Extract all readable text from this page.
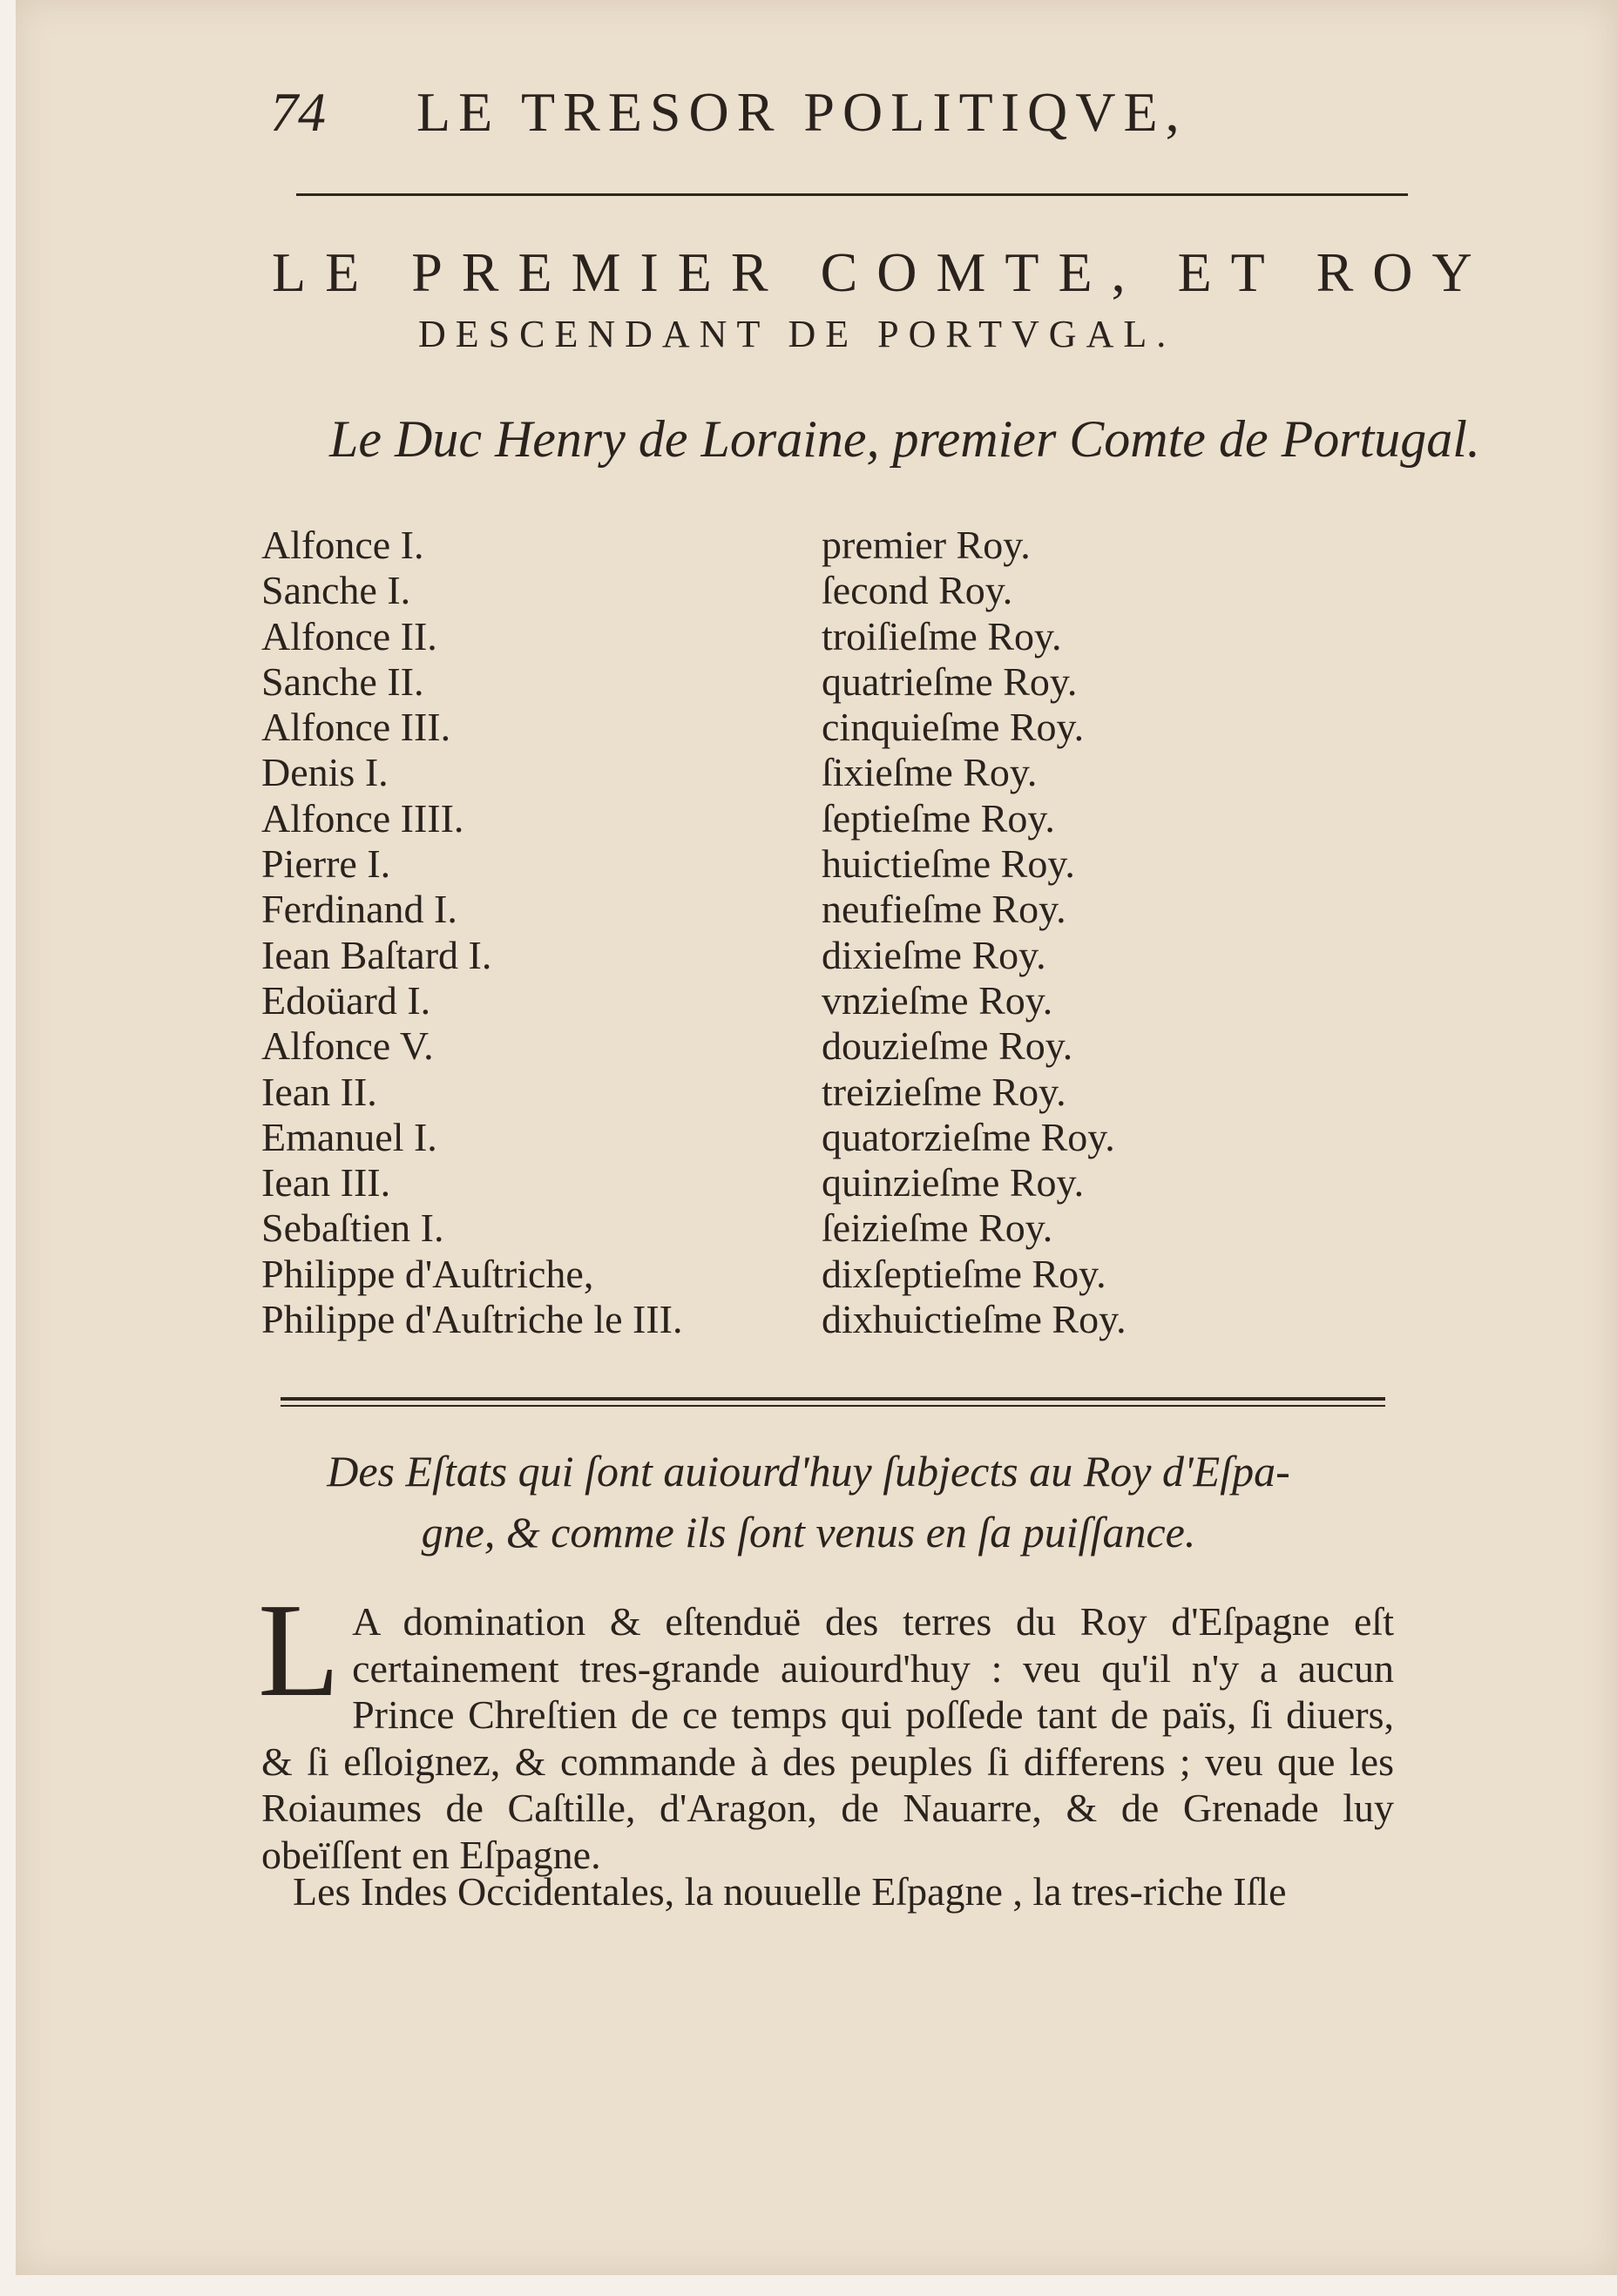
74 LE TRESOR POLITIQVE,
LE PREMIER COMTE, ET ROY
DESCENDANT DE PORTVGAL.
Le Duc Henry de Loraine, premier Comte de Portugal.
Alfonce I.	premier Roy.
Sanche I.	ſecond Roy.
Alfonce II.	troiſieſme Roy.
Sanche II.	quatrieſme Roy.
Alfonce III.	cinquieſme Roy.
Denis I.	ſixieſme Roy.
Alfonce IIII.	ſeptieſme Roy.
Pierre I.	huictieſme Roy.
Ferdinand I.	neufieſme Roy.
Iean Baſtard I.	dixieſme Roy.
Edoüard I.	vnzieſme Roy.
Alfonce V.	douzieſme Roy.
Iean II.	treizieſme Roy.
Emanuel I.	quatorzieſme Roy.
Iean III.	quinzieſme Roy.
Sebaſtien I.	ſeizieſme Roy.
Philippe d'Auſtriche,	dixſeptieſme Roy.
Philippe d'Auſtriche le III.	dixhuictieſme Roy.
Des Eſtats qui ſont auiourd'huy ſubjects au Roy d'Eſpa-
gne, & comme ils ſont venus en ſa puiſſance.
L A domination & eſtenduë des terres du Roy d'Eſpagne eſt certainement tres-grande auiourd'huy : veu qu'il n'y a aucun Prince Chreſtien de ce temps qui poſſede tant de païs, ſi diuers, & ſi eſloignez, & commande à des peuples ſi differens ; veu que les Roiaumes de Caſtille, d'Aragon, de Nauarre, & de Grenade luy obeïſſent en Eſpagne.
Les Indes Occidentales, la nouuelle Eſpagne , la tres-riche Iſle
